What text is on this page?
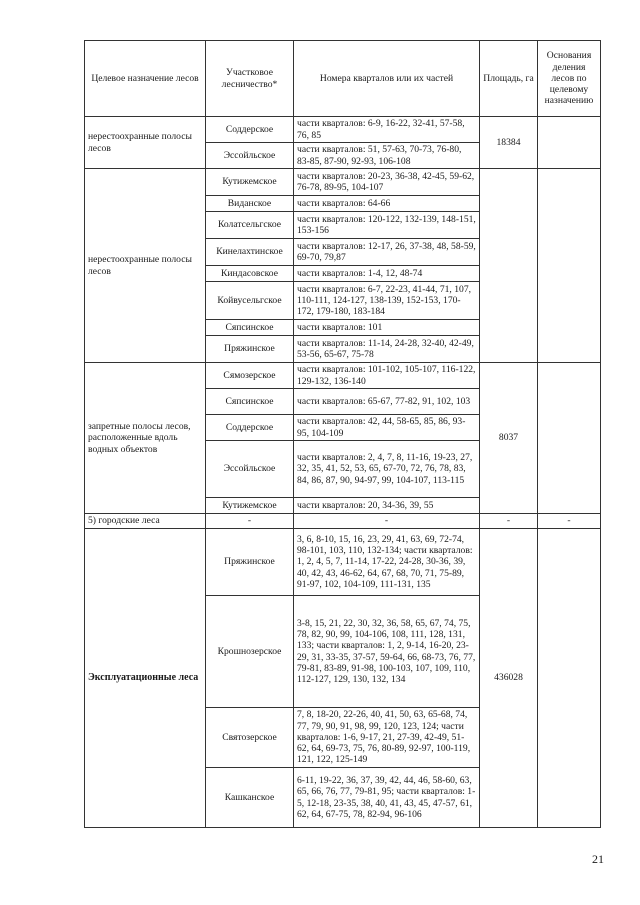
Целевое назначение лесов	Участковое лесничество*	Номера кварталов или их частей	Площадь, га	Основания деления лесов по целевому назначению
нерестоохранные полосы лесов	Соддерское	части кварталов: 6-9, 16-22, 32-41, 57-58, 76, 85	18384	
	Эссойльское	части кварталов: 51, 57-63, 70-73, 76-80, 83-85, 87-90, 92-93, 106-108		
нерестоохранные полосы лесов	Кутижемское	части кварталов: 20-23, 36-38, 42-45, 59-62, 76-78, 89-95, 104-107		
	Виданское	части кварталов: 64-66		
	Колатсельгское	части кварталов: 120-122, 132-139, 148-151, 153-156		
	Кинелахтинское	части кварталов: 12-17, 26, 37-38, 48, 58-59, 69-70, 79,87		
	Киндасовское	части кварталов: 1-4, 12, 48-74		
	Койвусельгское	части кварталов: 6-7, 22-23, 41-44, 71, 107, 110-111, 124-127, 138-139, 152-153, 170-172, 179-180, 183-184		
	Сяпсинское	части кварталов: 101		
	Пряжинское	части кварталов: 11-14, 24-28, 32-40, 42-49, 53-56, 65-67, 75-78		
запретные полосы лесов, расположенные вдоль водных объектов	Сямозерское	части кварталов: 101-102, 105-107, 116-122, 129-132, 136-140	8037	
	Сяпсинское	части кварталов: 65-67, 77-82, 91, 102, 103		
	Соддерское	части кварталов: 42, 44, 58-65, 85, 86, 93-95, 104-109		
	Эссойльское	части кварталов: 2, 4, 7, 8, 11-16, 19-23, 27, 32, 35, 41, 52, 53, 65, 67-70, 72, 76, 78, 83, 84, 86, 87, 90, 94-97, 99, 104-107, 113-115		
	Кутижемское	части кварталов: 20, 34-36, 39, 55		
5) городские леса	-	-	-	-
Эксплуатационные леса	Пряжинское	3, 6, 8-10, 15, 16, 23, 29, 41, 63, 69, 72-74, 98-101, 103, 110, 132-134; части кварталов: 1, 2, 4, 5, 7, 11-14, 17-22, 24-28, 30-36, 39, 40, 42, 43, 46-62, 64, 67, 68, 70, 71, 75-89, 91-97, 102, 104-109, 111-131, 135	436028	
	Крошнозерское	3-8, 15, 21, 22, 30, 32, 36, 58, 65, 67, 74, 75, 78, 82, 90, 99, 104-106, 108, 111, 128, 131, 133; части кварталов: 1, 2, 9-14, 16-20, 23-29, 31, 33-35, 37-57, 59-64, 66, 68-73, 76, 77, 79-81, 83-89, 91-98, 100-103, 107, 109, 110, 112-127, 129, 130, 132, 134		
	Святозерское	7, 8, 18-20, 22-26, 40, 41, 50, 63, 65-68, 74, 77, 79, 90, 91, 98, 99, 120, 123, 124; части кварталов: 1-6, 9-17, 21, 27-39, 42-49, 51-62, 64, 69-73, 75, 76, 80-89, 92-97, 100-119, 121, 122, 125-149		
	Кашканское	6-11, 19-22, 36, 37, 39, 42, 44, 46, 58-60, 63, 65, 66, 76, 77, 79-81, 95; части кварталов: 1-5, 12-18, 23-35, 38, 40, 41, 43, 45, 47-57, 61, 62, 64, 67-75, 78, 82-94, 96-106		
21
